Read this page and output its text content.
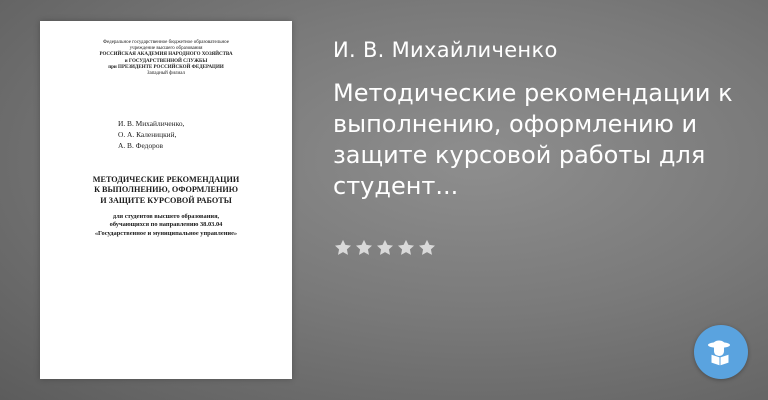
Федеральное государственное бюджетное образовательное
учреждение высшего образования
РОССИЙСКАЯ АКАДЕМИЯ НАРОДНОГО ХОЗЯЙСТВА
и ГОСУДАРСТВЕННОЙ СЛУЖБЫ
при ПРЕЗИДЕНТЕ РОССИЙСКОЙ ФЕДЕРАЦИИ
Западный филиал
И. В. Михайличенко,
О. А. Каленицкий,
А. В. Федоров
МЕТОДИЧЕСКИЕ РЕКОМЕНДАЦИИ
К ВЫПОЛНЕНИЮ, ОФОРМЛЕНИЮ
И ЗАЩИТЕ КУРСОВОЙ РАБОТЫ
для студентов высшего образования,
обучающихся по направлению 38.03.04
«Государственное и муниципальное управление»
И. В. Михайличенко
Методические рекомендации к выполнению, оформлению и защите курсовой работы для студент...
